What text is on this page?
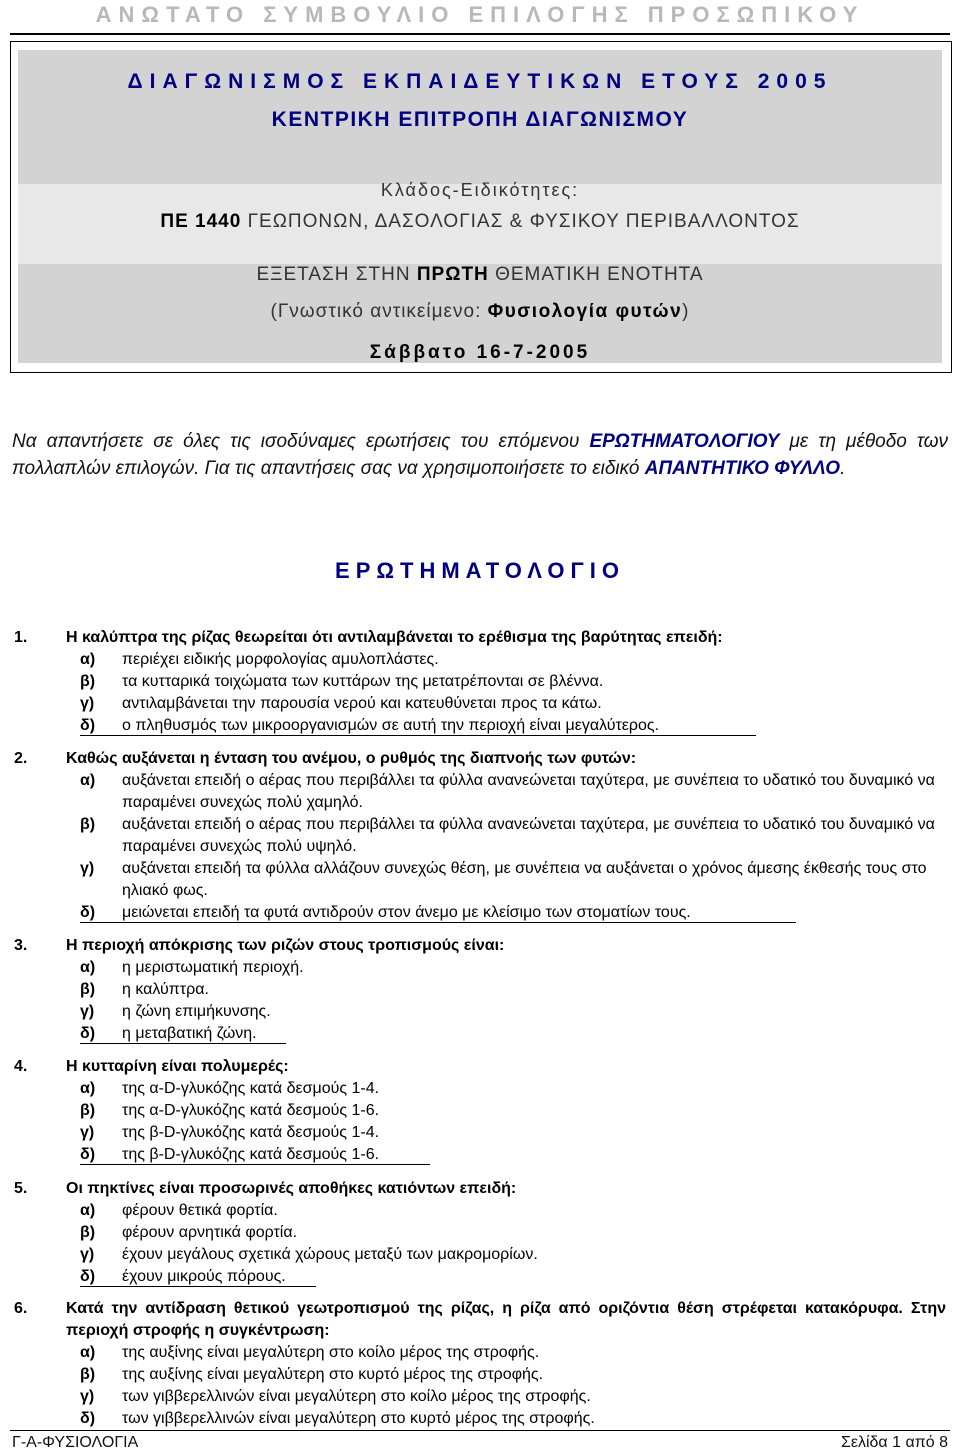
ΑΝΩΤΑΤΟ ΣΥΜΒΟΥΛΙΟ ΕΠΙΛΟΓΗΣ ΠΡΟΣΩΠΙΚΟΥ
ΔΙΑΓΩΝΙΣΜΟΣ ΕΚΠΑΙΔΕΥΤΙΚΩΝ ΕΤΟΥΣ 2005
ΚΕΝΤΡΙΚΗ ΕΠΙΤΡΟΠΗ ΔΙΑΓΩΝΙΣΜΟΥ
Κλάδος-Ειδικότητες:
ΠΕ 1440 ΓΕΩΠΟΝΩΝ, ΔΑΣΟΛΟΓΙΑΣ & ΦΥΣΙΚΟΥ ΠΕΡΙΒΑΛΛΟΝΤΟΣ
ΕΞΕΤΑΣΗ ΣΤΗΝ ΠΡΩΤΗ ΘΕΜΑΤΙΚΗ ΕΝΟΤΗΤΑ
(Γνωστικό αντικείμενο: Φυσιολογία φυτών)
Σάββατο 16-7-2005
Να απαντήσετε σε όλες τις ισοδύναμες ερωτήσεις του επόμενου ΕΡΩΤΗΜΑΤΟΛΟΓΙΟΥ με τη μέθοδο των πολλαπλών επιλογών. Για τις απαντήσεις σας να χρησιμοποιήσετε το ειδικό ΑΠΑΝΤΗΤΙΚΟ ΦΥΛΛΟ.
ΕΡΩΤΗΜΑΤΟΛΟΓΙΟ
1. Η καλύπτρα της ρίζας θεωρείται ότι αντιλαμβάνεται το ερέθισμα της βαρύτητας επειδή:
α) περιέχει ειδικής μορφολογίας αμυλοπλάστες.
β) τα κυτταρικά τοιχώματα των κυττάρων της μετατρέπονται σε βλέννα.
γ) αντιλαμβάνεται την παρουσία νερού και κατευθύνεται προς τα κάτω.
δ) ο πληθυσμός των μικροοργανισμών σε αυτή την περιοχή είναι μεγαλύτερος.
2. Καθώς αυξάνεται η ένταση του ανέμου, ο ρυθμός της διαπνοής των φυτών:
α) αυξάνεται επειδή ο αέρας που περιβάλλει τα φύλλα ανανεώνεται ταχύτερα, με συνέπεια το υδατικό του δυναμικό να παραμένει συνεχώς πολύ χαμηλό.
β) αυξάνεται επειδή ο αέρας που περιβάλλει τα φύλλα ανανεώνεται ταχύτερα, με συνέπεια το υδατικό του δυναμικό να παραμένει συνεχώς πολύ υψηλό.
γ) αυξάνεται επειδή τα φύλλα αλλάζουν συνεχώς θέση, με συνέπεια να αυξάνεται ο χρόνος άμεσης έκθεσής τους στο ηλιακό φως.
δ) μειώνεται επειδή τα φυτά αντιδρούν στον άνεμο με κλείσιμο των στοματίων τους.
3. Η περιοχή απόκρισης των ριζών στους τροπισμούς είναι:
α) η μεριστωματική περιοχή.
β) η καλύπτρα.
γ) η ζώνη επιμήκυνσης.
δ) η μεταβατική ζώνη.
4. Η κυτταρίνη είναι πολυμερές:
α) της α-D-γλυκόζης κατά δεσμούς 1-4.
β) της α-D-γλυκόζης κατά δεσμούς 1-6.
γ) της β-D-γλυκόζης κατά δεσμούς 1-4.
δ) της β-D-γλυκόζης κατά δεσμούς 1-6.
5. Οι πηκτίνες είναι προσωρινές αποθήκες κατιόντων επειδή:
α) φέρουν θετικά φορτία.
β) φέρουν αρνητικά φορτία.
γ) έχουν μεγάλους σχετικά χώρους μεταξύ των μακρομορίων.
δ) έχουν μικρούς πόρους.
6. Κατά την αντίδραση θετικού γεωτροπισμού της ρίζας, η ρίζα από οριζόντια θέση στρέφεται κατακόρυφα. Στην περιοχή στροφής η συγκέντρωση:
α) της αυξίνης είναι μεγαλύτερη στο κοίλο μέρος της στροφής.
β) της αυξίνης είναι μεγαλύτερη στο κυρτό μέρος της στροφής.
γ) των γιββερελλινών είναι μεγαλύτερη στο κοίλο μέρος της στροφής.
δ) των γιββερελλινών είναι μεγαλύτερη στο κυρτό μέρος της στροφής.
Γ-Α-ΦΥΣΙΟΛΟΓΙΑ	Σελίδα 1 από 8
